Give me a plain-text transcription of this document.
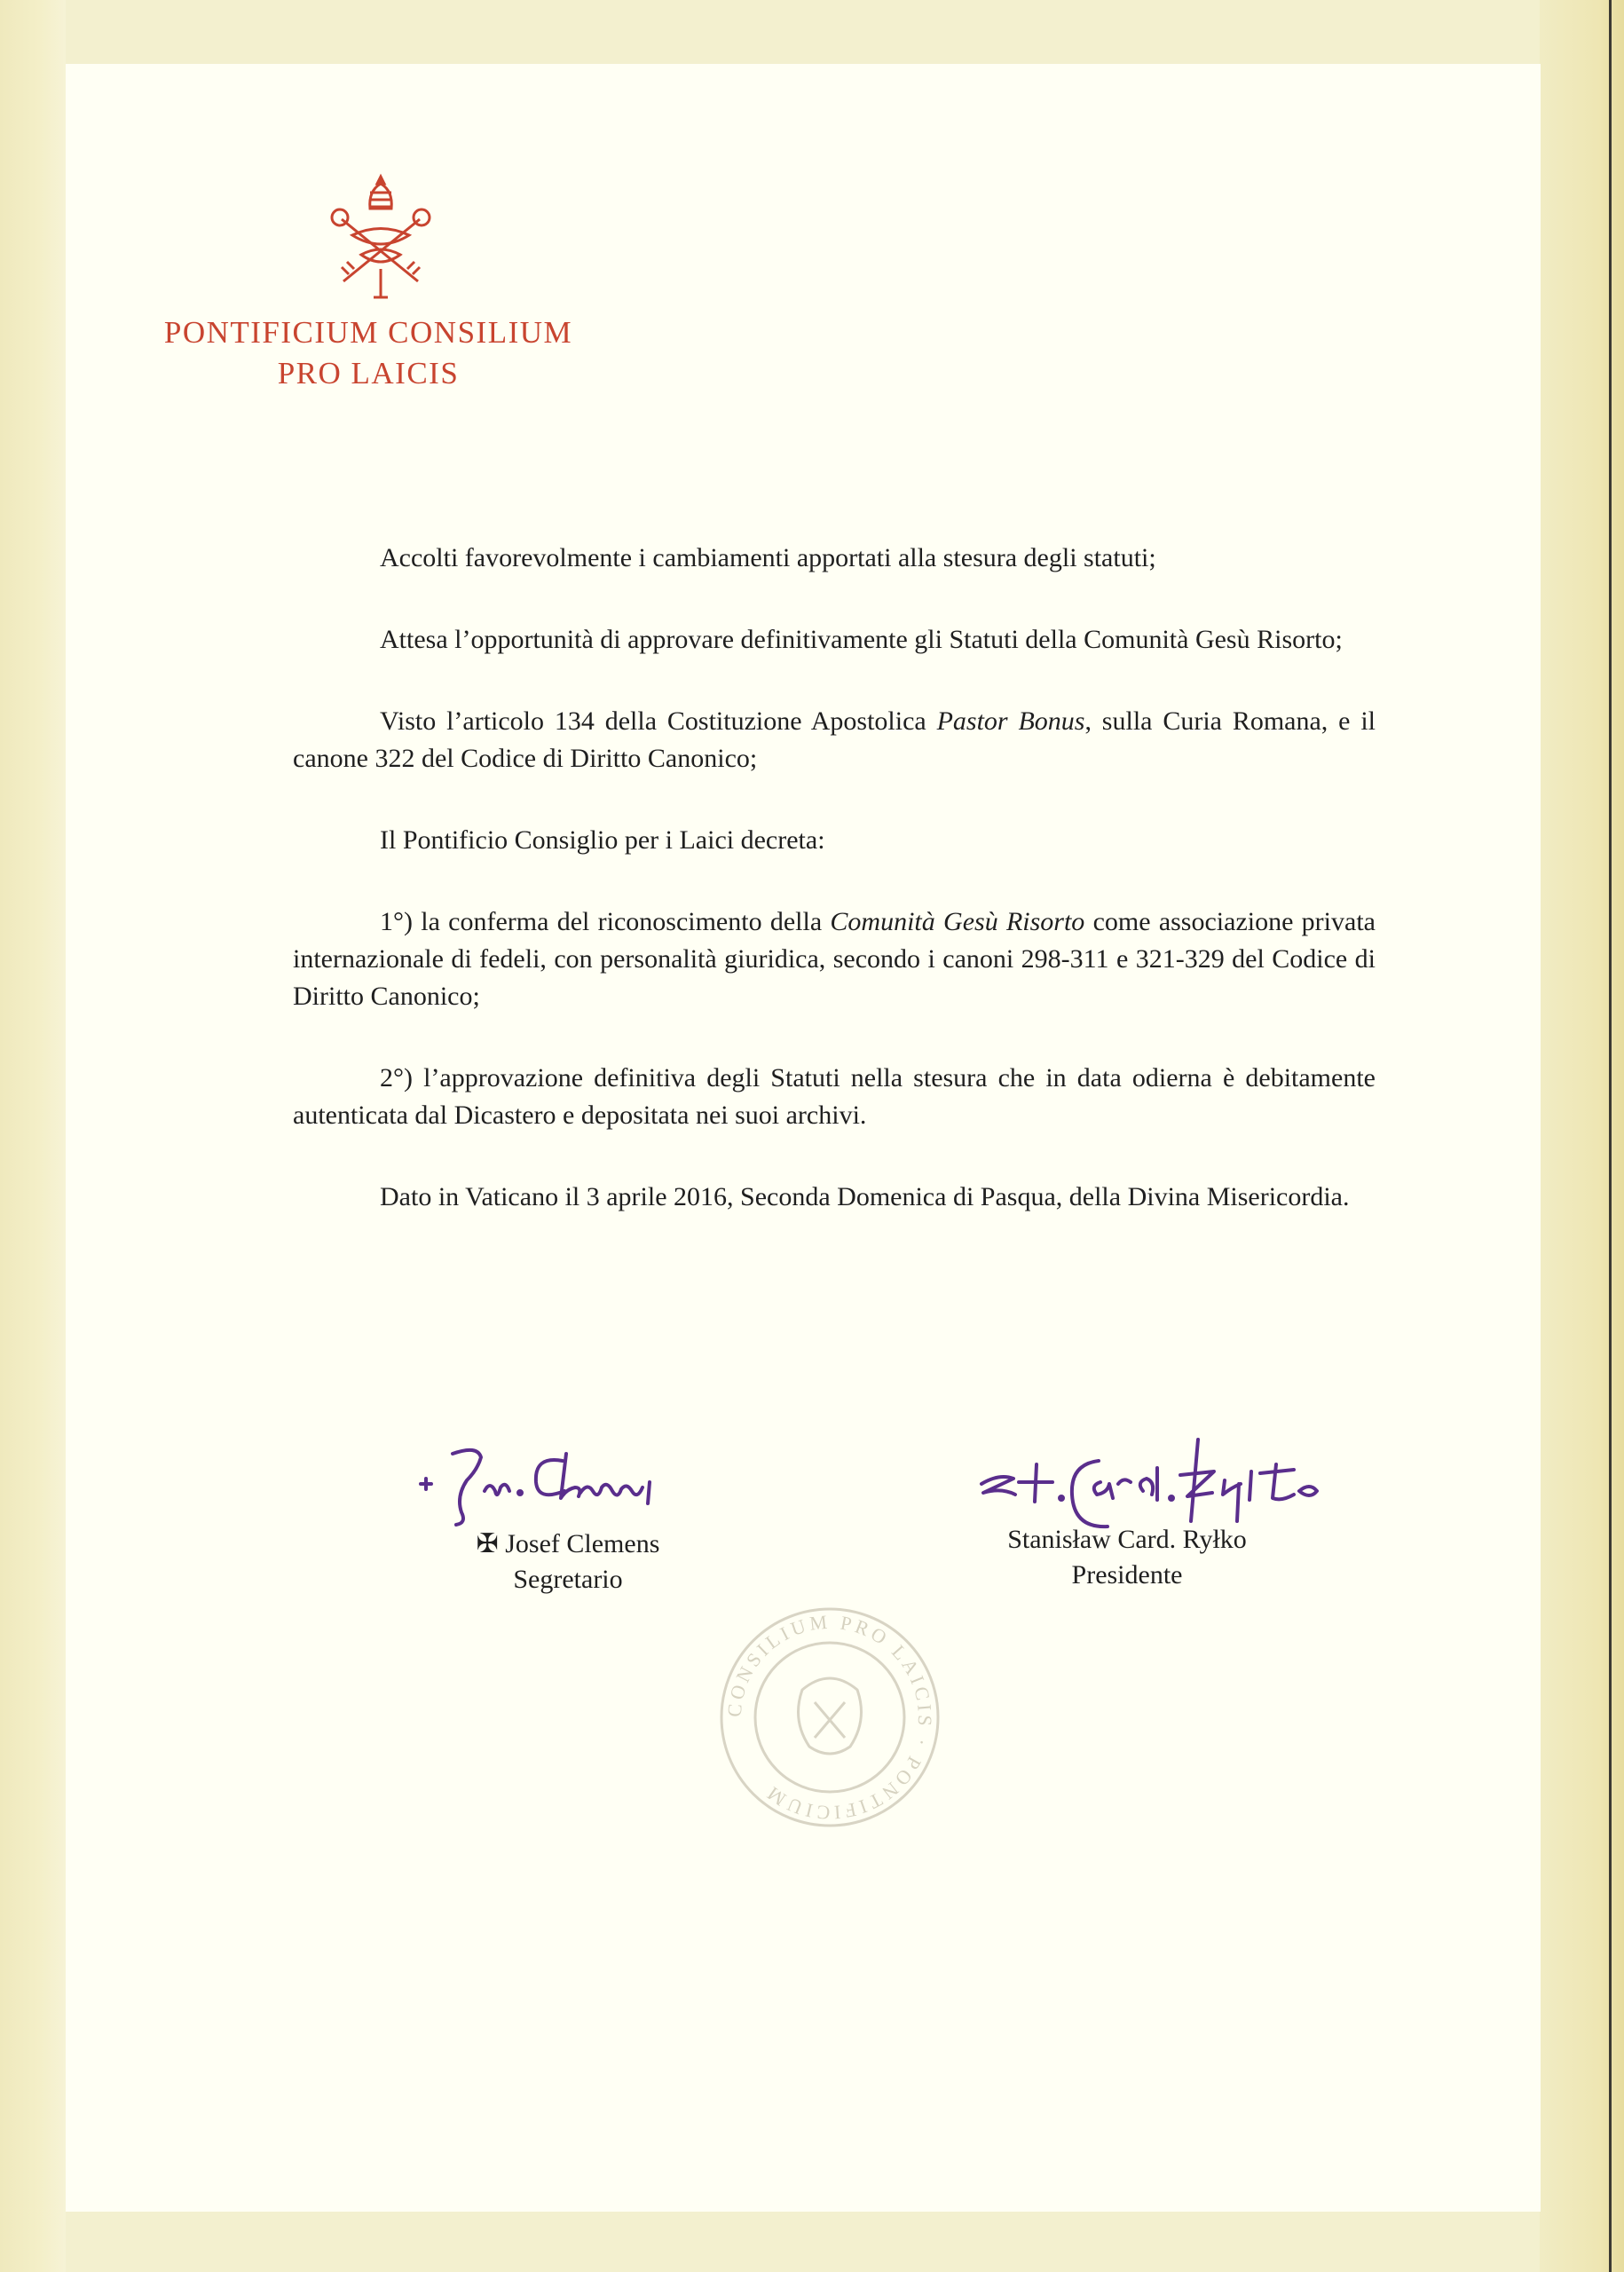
PONTIFICIUM CONSILIUM
PRO LAICIS

Accolti favorevolmente i cambiamenti apportati alla stesura degli statuti;

Attesa l’opportunità di approvare definitivamente gli Statuti della Comunità Gesù Risorto;

Visto l’articolo 134 della Costituzione Apostolica Pastor Bonus, sulla Curia Romana, e il canone 322 del Codice di Diritto Canonico;

Il Pontificio Consiglio per i Laici decreta:

1°) la conferma del riconoscimento della Comunità Gesù Risorto come associazione privata internazionale di fedeli, con personalità giuridica, secondo i canoni 298-311 e 321-329 del Codice di Diritto Canonico;

2°) l’approvazione definitiva degli Statuti nella stesura che in data odierna è debitamente autenticata dal Dicastero e depositata nei suoi archivi.

Dato in Vaticano il 3 aprile 2016, Seconda Domenica di Pasqua, della Divina Misericordia.

✠ Josef Clemens
Segretario
Stanisław Card. Ryłko
Presidente
CONSILIUM PRO LAICIS · PONTIFICIUM
